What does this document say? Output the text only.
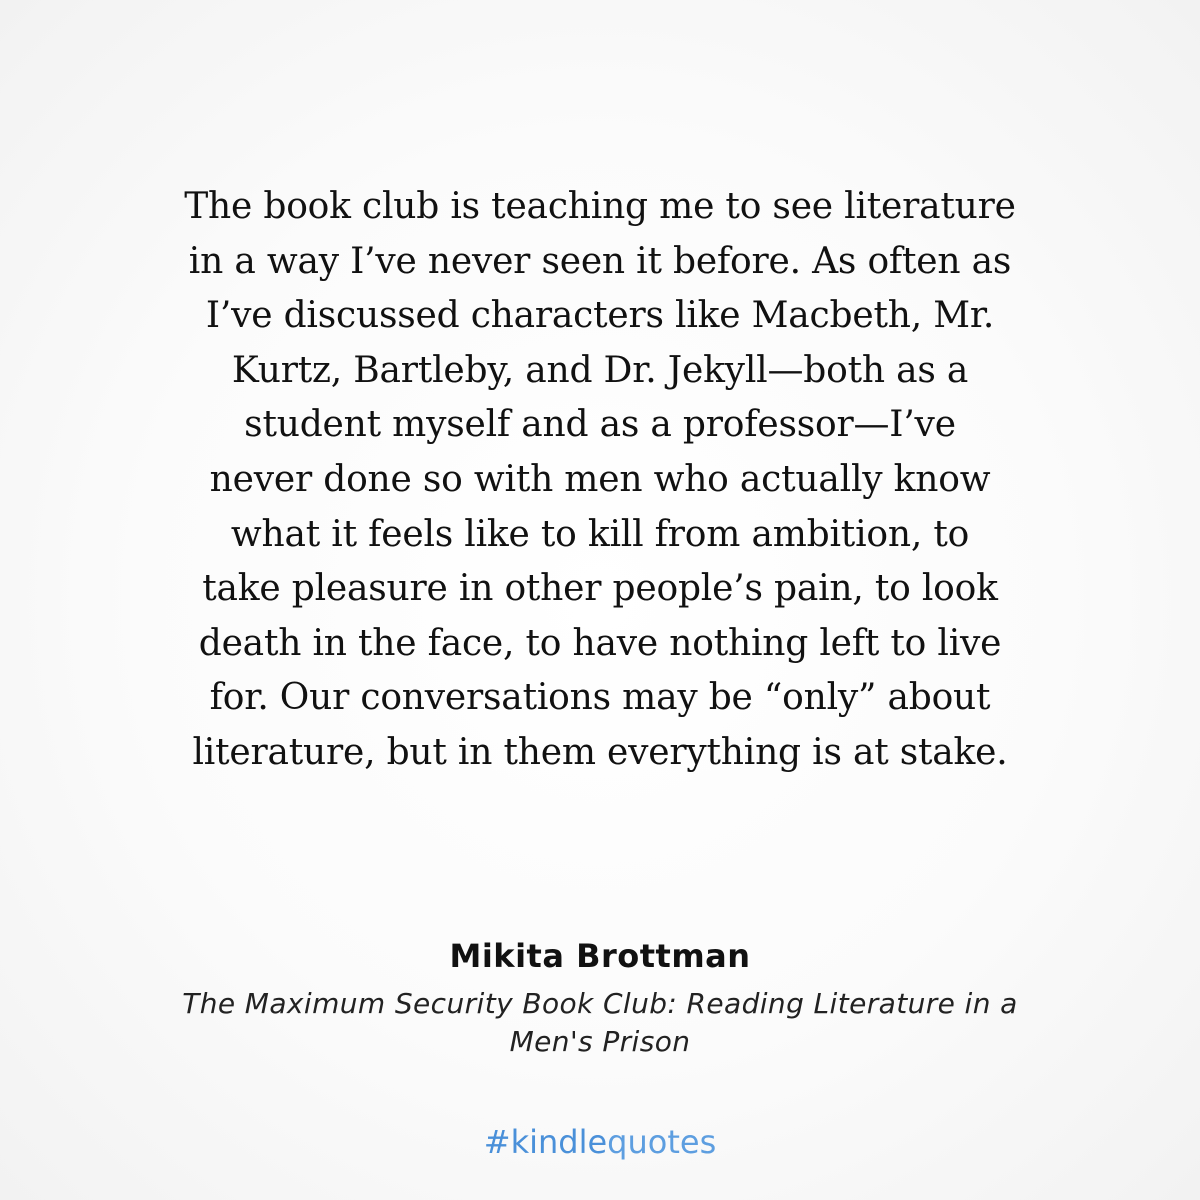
The book club is teaching me to see literature
in a way I’ve never seen it before. As often as
I’ve discussed characters like Macbeth, Mr.
Kurtz, Bartleby, and Dr. Jekyll—both as a
student myself and as a professor—I’ve
never done so with men who actually know
what it feels like to kill from ambition, to
take pleasure in other people’s pain, to look
death in the face, to have nothing left to live
for. Our conversations may be “only” about
literature, but in them everything is at stake.

Mikita Brottman
The Maximum Security Book Club: Reading Literature in a
Men's Prison
#kindlequotes
